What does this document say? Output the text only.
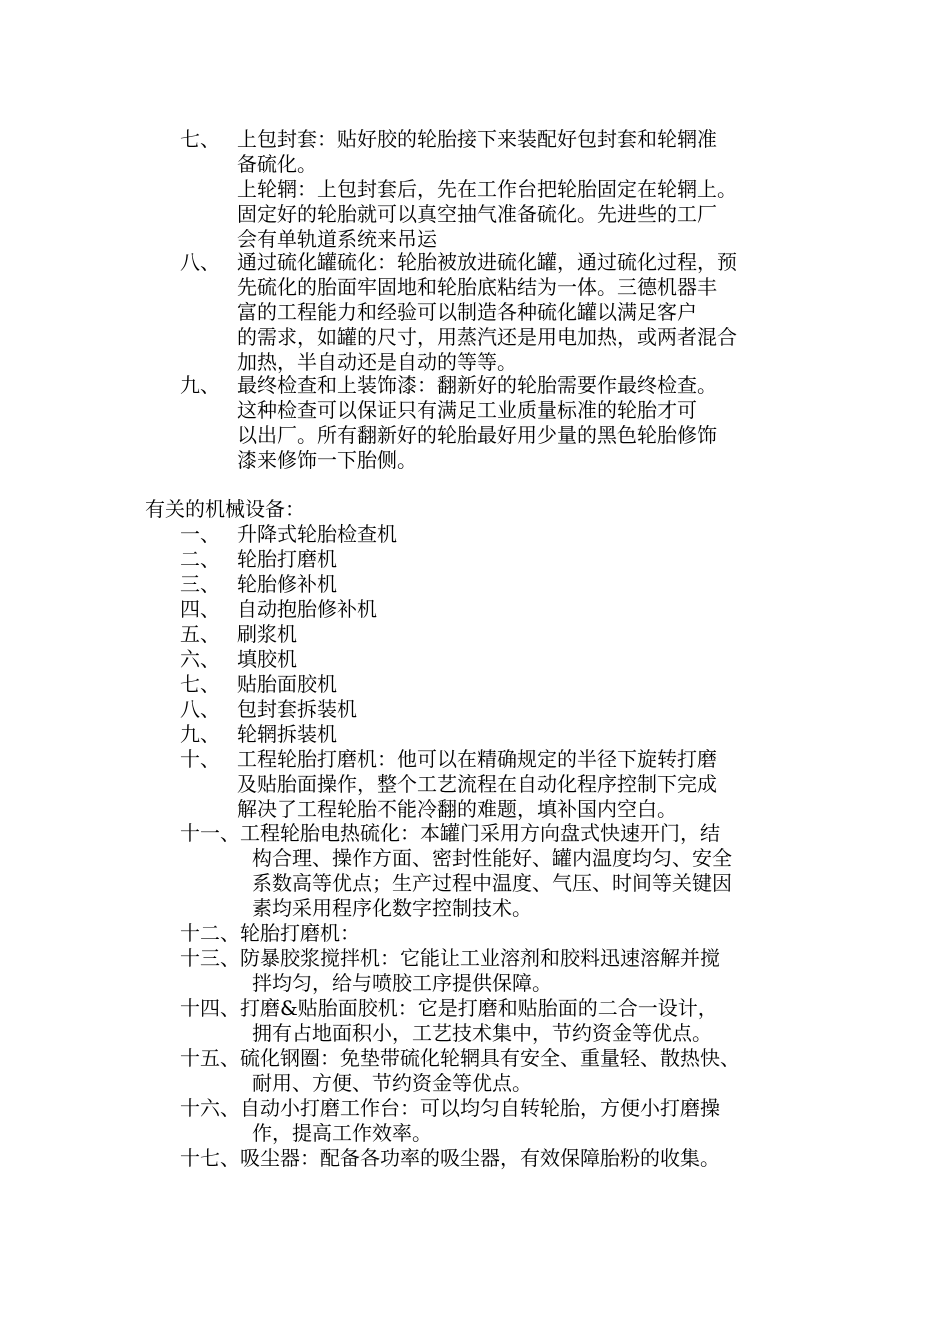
七、 上包封套：贴好胶的轮胎接下来装配好包封套和轮辋准
备硫化。
上轮辋：上包封套后，先在工作台把轮胎固定在轮辋上。
固定好的轮胎就可以真空抽气准备硫化。先进些的工厂
会有单轨道系统来吊运
八、 通过硫化罐硫化：轮胎被放进硫化罐，通过硫化过程，预
先硫化的胎面牢固地和轮胎底粘结为一体。三德机器丰
富的工程能力和经验可以制造各种硫化罐以满足客户
的需求，如罐的尺寸，用蒸汽还是用电加热，或两者混合
加热，半自动还是自动的等等。
九、 最终检查和上装饰漆：翻新好的轮胎需要作最终检查。
这种检查可以保证只有满足工业质量标准的轮胎才可
以出厂。所有翻新好的轮胎最好用少量的黑色轮胎修饰
漆来修饰一下胎侧。
有关的机械设备：
一、 升降式轮胎检查机
二、 轮胎打磨机
三、 轮胎修补机
四、 自动抱胎修补机
五、 刷浆机
六、 填胶机
七、 贴胎面胶机
八、 包封套拆装机
九、 轮辋拆装机
十、 工程轮胎打磨机：他可以在精确规定的半径下旋转打磨
及贴胎面操作，整个工艺流程在自动化程序控制下完成
解决了工程轮胎不能冷翻的难题，填补国内空白。
十一、 工程轮胎电热硫化：本罐门采用方向盘式快速开门，结
构合理、操作方面、密封性能好、罐内温度均匀、安全
系数高等优点；生产过程中温度、气压、时间等关键因
素均采用程序化数字控制技术。
十二、 轮胎打磨机：
十三、 防暴胶浆搅拌机：它能让工业溶剂和胶料迅速溶解并搅
拌均匀，给与喷胶工序提供保障。
十四、 打磨&贴胎面胶机：它是打磨和贴胎面的二合一设计，
拥有占地面积小，工艺技术集中，节约资金等优点。
十五、 硫化钢圈：免垫带硫化轮辋具有安全、重量轻、散热快、
耐用、方便、节约资金等优点。
十六、 自动小打磨工作台：可以均匀自转轮胎，方便小打磨操
作，提高工作效率。
十七、 吸尘器：配备各功率的吸尘器，有效保障胎粉的收集。
